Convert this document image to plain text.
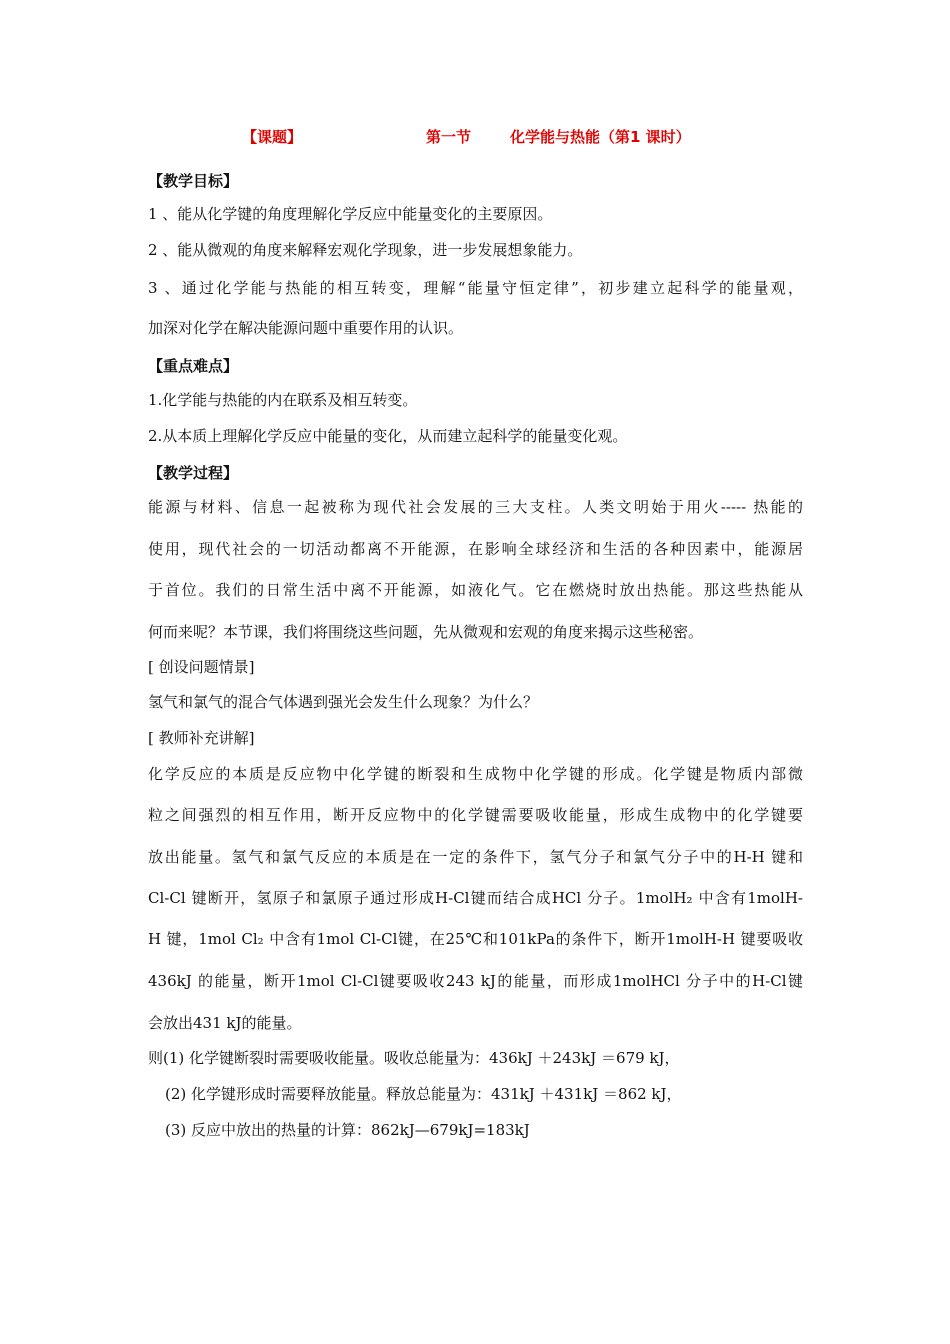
【课题】	第一节	化学能与热能（第1 课时）
【教学目标】
1 、能从化学键的角度理解化学反应中能量变化的主要原因。
2 、能从微观的角度来解释宏观化学现象，进一步发展想象能力。
3 、通过化学能与热能的相互转变，理解“能量守恒定律”，初步建立起科学的能量观，
加深对化学在解决能源问题中重要作用的认识。
【重点难点】
1.化学能与热能的内在联系及相互转变。
2.从本质上理解化学反应中能量的变化，从而建立起科学的能量变化观。
【教学过程】
能源与材料、信息一起被称为现代社会发展的三大支柱。人类文明始于用火----- 热能的
使用，现代社会的一切活动都离不开能源，在影响全球经济和生活的各种因素中，能源居
于首位。我们的日常生活中离不开能源，如液化气。它在燃烧时放出热能。那这些热能从
何而来呢？本节课，我们将围绕这些问题，先从微观和宏观的角度来揭示这些秘密。
[ 创设问题情景]
氢气和氯气的混合气体遇到强光会发生什么现象？为什么？
[ 教师补充讲解]
化学反应的本质是反应物中化学键的断裂和生成物中化学键的形成。化学键是物质内部微
粒之间强烈的相互作用，断开反应物中的化学键需要吸收能量，形成生成物中的化学键要
放出能量。氢气和氯气反应的本质是在一定的条件下，氢气分子和氯气分子中的H-H 键和
Cl-Cl 键断开，氢原子和氯原子通过形成H-Cl键而结合成HCl 分子。1molH₂ 中含有1molH-
H 键，1mol Cl₂ 中含有1mol Cl-Cl键，在25℃和101kPa的条件下，断开1molH-H 键要吸收
436kJ 的能量，断开1mol Cl-Cl键要吸收243 kJ的能量，而形成1molHCl 分子中的H-Cl键
会放出431 kJ的能量。
则(1) 化学键断裂时需要吸收能量。吸收总能量为：436kJ ＋243kJ ＝679 kJ，
(2) 化学键形成时需要释放能量。释放总能量为：431kJ ＋431kJ ＝862 kJ，
(3) 反应中放出的热量的计算：862kJ—679kJ=183kJ
